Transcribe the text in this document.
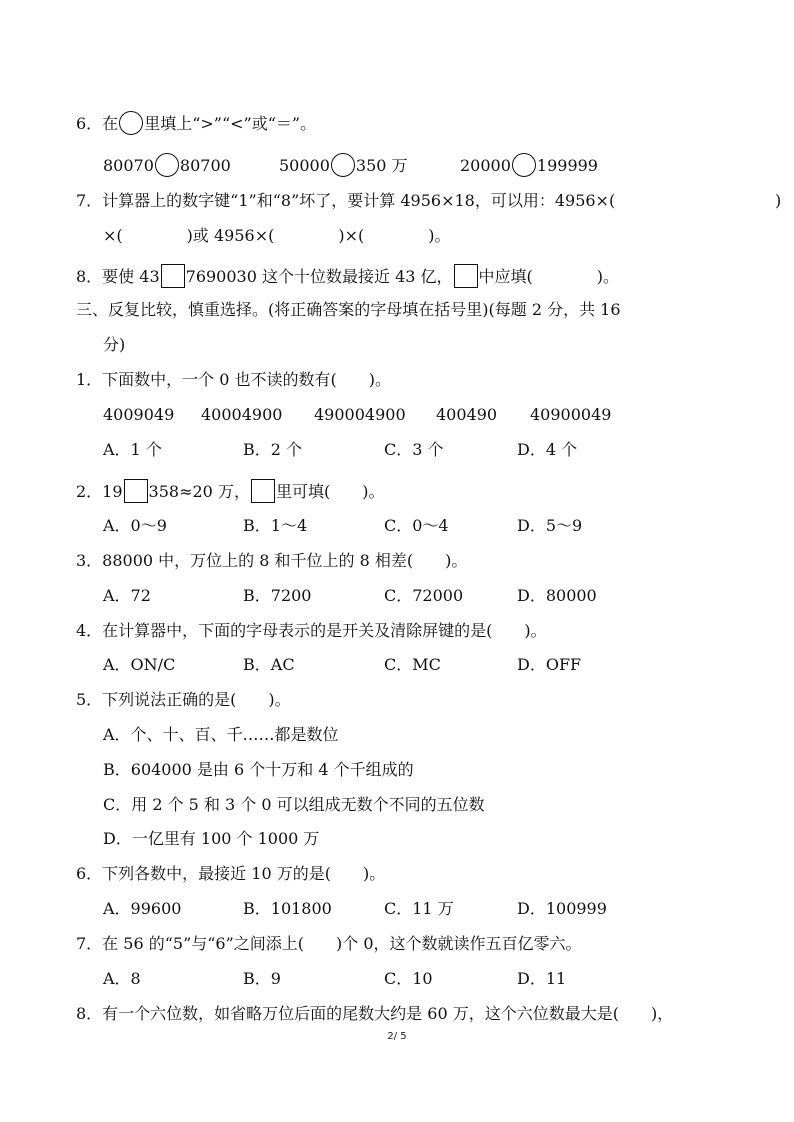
6．在 里填上“>”“<”或“＝”。
80070 80700	50000 350 万	20000 199999
7．计算器上的数字键“1”和“8”坏了，要计算 4956×18，可以用：4956×(	)
×(　　　　)或 4956×(　　　　)×(　　　　)。
8．要使 43 7690030 这个十位数最接近 43 亿， 中应填(　　　　)。
三、反复比较，慎重选择。(将正确答案的字母填在括号里)(每题 2 分，共 16
分)
1．下面数中，一个 0 也不读的数有(　　)。
4009049 40004900 490004900 400490 40900049
A．1 个	B．2 个	C．3 个	D．4 个
2．19 358≈20 万， 里可填(　　)。
A．0～9	B．1～4	C．0～4	D．5～9
3．88000 中，万位上的 8 和千位上的 8 相差(　　)。
A．72	B．7200	C．72000	D．80000
4．在计算器中，下面的字母表示的是开关及清除屏键的是(　　)。
A．ON/C	B．AC	C．MC	D．OFF
5．下列说法正确的是(　　)。
A．个、十、百、千……都是数位
B．604000 是由 6 个十万和 4 个千组成的
C．用 2 个 5 和 3 个 0 可以组成无数个不同的五位数
D．一亿里有 100 个 1000 万
6．下列各数中，最接近 10 万的是(　　)。
A．99600	B．101800	C．11 万	D．100999
7．在 56 的“5”与“6”之间添上(　　)个 0，这个数就读作五百亿零六。
A．8	B．9	C．10	D．11
8．有一个六位数，如省略万位后面的尾数大约是 60 万，这个六位数最大是(　　)，
2/ 5
